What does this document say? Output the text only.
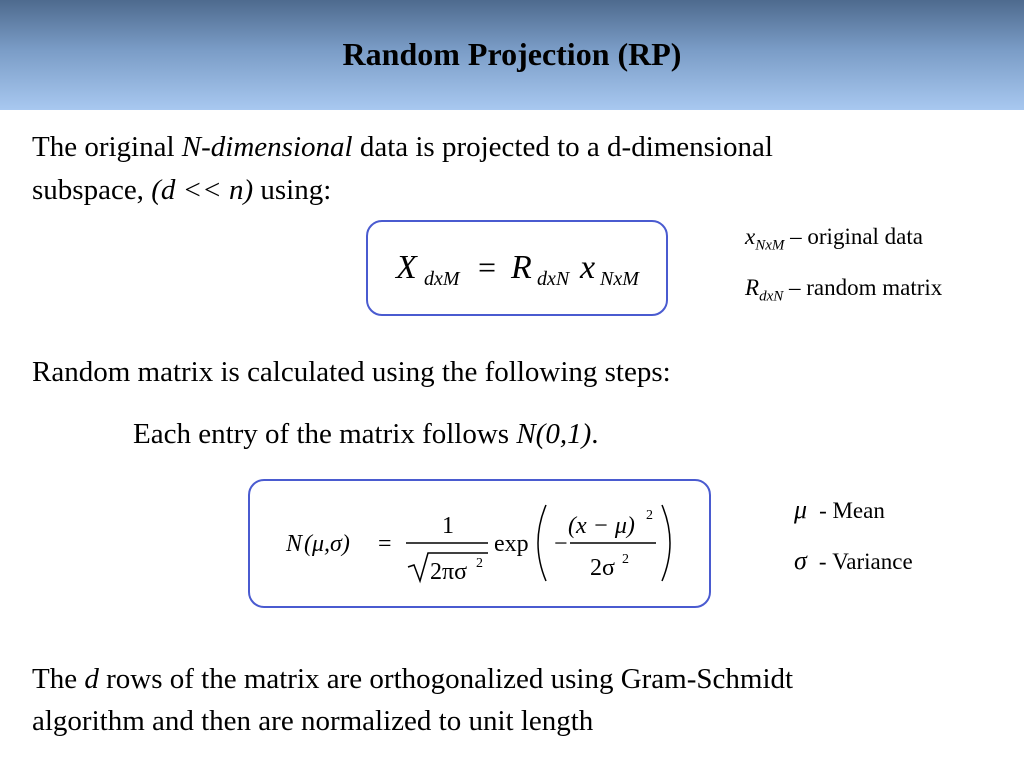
Random Projection (RP)
The original N-dimensional data is projected to a d-dimensional
subspace, (d << n) using:
X dxM = R dxN x NxM
$x_{NxM}$ – original data
$R_{dxN}$ – random matrix
Random matrix is calculated using the following steps:
Each entry of the matrix follows N(0,1).
N (μ,σ) =
1
2πσ 2
exp −
(x − μ) 2
2σ 2
μ - Mean
σ - Variance
The d rows of the matrix are orthogonalized using Gram-Schmidt
algorithm and then are normalized to unit length
